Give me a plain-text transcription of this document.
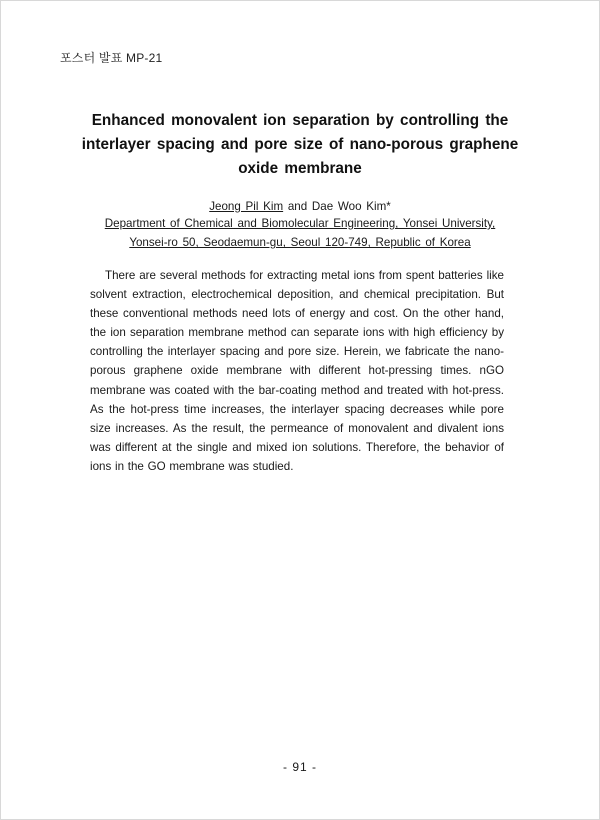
포스터 발표 MP-21
Enhanced monovalent ion separation by controlling the interlayer spacing and pore size of nano-porous graphene oxide membrane
Jeong Pil Kim and Dae Woo Kim*
Department of Chemical and Biomolecular Engineering, Yonsei University, Yonsei-ro 50, Seodaemun-gu, Seoul 120-749, Republic of Korea

There are several methods for extracting metal ions from spent batteries like solvent extraction, electrochemical deposition, and chemical precipitation. But these conventional methods need lots of energy and cost. On the other hand, the ion separation membrane method can separate ions with high efficiency by controlling the interlayer spacing and pore size. Herein, we fabricate the nano-porous graphene oxide membrane with different hot-pressing times. nGO membrane was coated with the bar-coating method and treated with hot-press. As the hot-press time increases, the interlayer spacing decreases while pore size increases. As the result, the permeance of monovalent and divalent ions was different at the single and mixed ion solutions. Therefore, the behavior of ions in the GO membrane was studied.

- 91 -
